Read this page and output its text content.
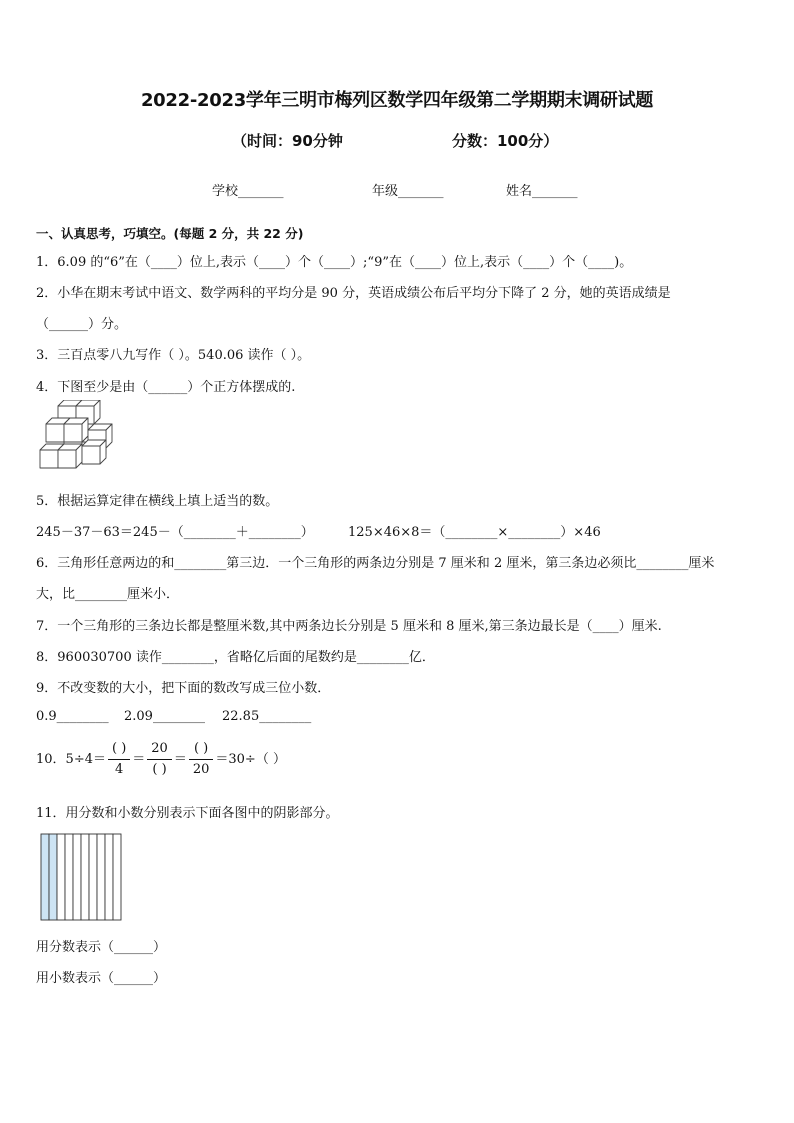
2022-2023学年三明市梅列区数学四年级第二学期期末调研试题
（时间：90分钟	分数：100分）
学校_______	年级_______	姓名_______
一、认真思考，巧填空。(每题 2 分，共 22 分)
1．6.09 的“6”在（____）位上,表示（____）个（____）;“9”在（____）位上,表示（____）个（____)。
2．小华在期末考试中语文、数学两科的平均分是 90 分，英语成绩公布后平均分下降了 2 分，她的英语成绩是
（______）分。
3．三百点零八九写作（ ）。540.06 读作（ ）。
4．下图至少是由（______）个正方体摆成的.
5．根据运算定律在横线上填上适当的数。
245－37－63＝245－（________＋________）	125×46×8＝（________×________）×46
6．三角形任意两边的和________第三边．一个三角形的两条边分别是 7 厘米和 2 厘米，第三条边必须比________厘米
大，比________厘米小．
7．一个三角形的三条边长都是整厘米数,其中两条边长分别是 5 厘米和 8 厘米,第三条边最长是（____）厘米.
8．960030700 读作________，省略亿后面的尾数约是________亿．
9．不改变数的大小，把下面的数改写成三位小数．
0.9________ 2.09________ 22.85________
10．$5\div 4= \frac{( )}{4} = \frac{20}{( )} = \frac{( )}{20} =30\div$（ ）
11．用分数和小数分别表示下面各图中的阴影部分。
用分数表示（______）
用小数表示（______）
